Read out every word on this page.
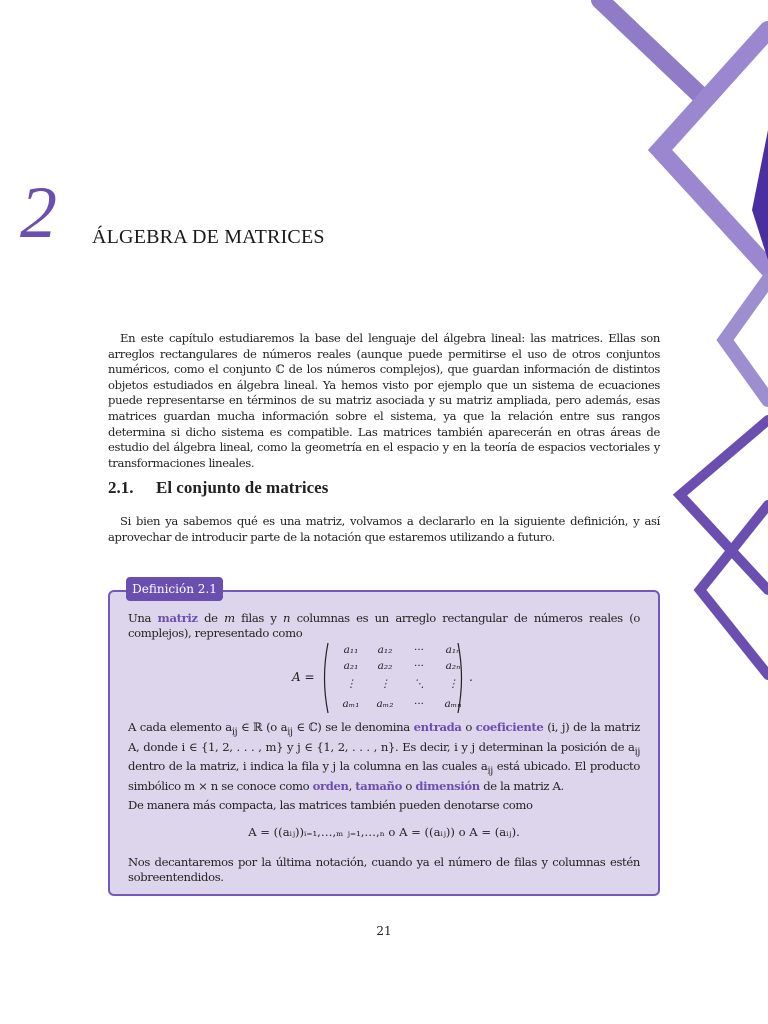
2 ÁLGEBRA DE MATRICES
En este capítulo estudiaremos la base del lenguaje del álgebra lineal: las matrices. Ellas son arreglos rectangulares de números reales (aunque puede permitirse el uso de otros conjuntos numéricos, como el conjunto ℂ de los números complejos), que guardan información de distintos objetos estudiados en álgebra lineal. Ya hemos visto por ejemplo que un sistema de ecuaciones puede representarse en términos de su matriz asociada y su matriz ampliada, pero además, esas matrices guardan mucha información sobre el sistema, ya que la relación entre sus rangos determina si dicho sistema es compatible. Las matrices también aparecerán en otras áreas de estudio del álgebra lineal, como la geometría en el espacio y en la teoría de espacios vectoriales y transformaciones lineales.
2.1. El conjunto de matrices
Si bien ya sabemos qué es una matriz, volvamos a declararlo en la siguiente definición, y así aprovechar de introducir parte de la notación que estaremos utilizando a futuro.
Definición 2.1
Una matriz de m filas y n columnas es un arreglo rectangular de números reales (o complejos), representado como
A =
a₁₁	a₁₂	···	a₁ₙ
a₂₁	a₂₂	···	a₂ₙ
⋮	⋮	⋱	⋮
aₘ₁	aₘ₂	···	aₘₙ
.
A cada elemento $a_{ij}$ ∈ ℝ (o $a_{ij}$ ∈ ℂ) se le denomina entrada o coeficiente (i, j) de la matriz A, donde i ∈ {1, 2, . . . , m} y j ∈ {1, 2, . . . , n}. Es decir, i y j determinan la posición de $a_{ij}$ dentro de la matriz, i indica la fila y j la columna en las cuales $a_{ij}$ está ubicado. El producto simbólico m × n se conoce como orden, tamaño o dimensión de la matriz A.
De manera más compacta, las matrices también pueden denotarse como
A = ((aᵢⱼ))ᵢ₌₁,…,ₘ ⱼ₌₁,…,ₙ o A = ((aᵢⱼ)) o A = (aᵢⱼ).
Nos decantaremos por la última notación, cuando ya el número de filas y columnas estén sobreentendidos.
21
